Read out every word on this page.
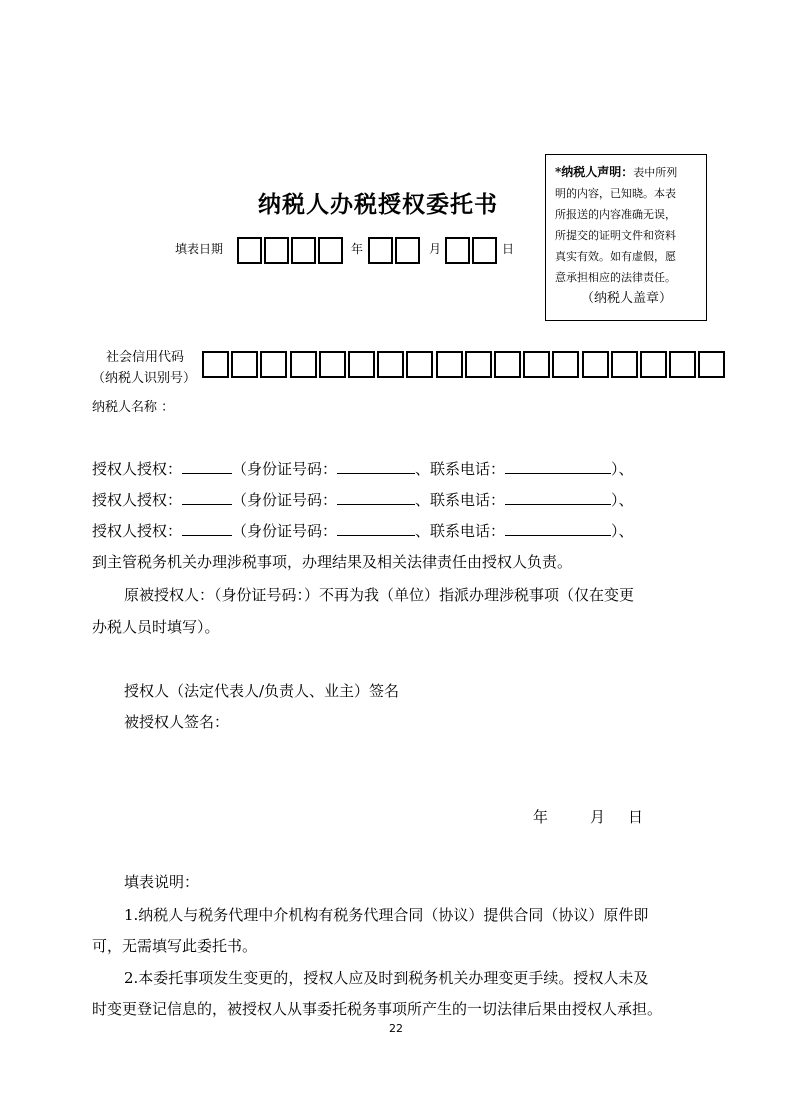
纳税人办税授权委托书
填表日期	年	月	日
*纳税人声明：表中所列
明的内容，已知晓。本表
所报送的内容准确无误，
所提交的证明文件和资料
真实有效。如有虚假，愿
意承担相应的法律责任。
（纳税人盖章）
社会信用代码
（纳税人识别号）
纳税人名称 ：
授权人授权：	（身份证号码：	、联系电话：	）、
授权人授权：	（身份证号码：	、联系电话：	）、
授权人授权：	（身份证号码：	、联系电话：	）、
到主管税务机关办理涉税事项，办理结果及相关法律责任由授权人负责。
原被授权人：（身份证号码：）不再为我（单位）指派办理涉税事项（仅在变更
办税人员时填写）。
授权人（法定代表人/负责人、业主）签名
被授权人签名：
年	月 日
填表说明：
1.纳税人与税务代理中介机构有税务代理合同（协议）提供合同（协议）原件即
可，无需填写此委托书。
2.本委托事项发生变更的，授权人应及时到税务机关办理变更手续。授权人未及
时变更登记信息的，被授权人从事委托税务事项所产生的一切法律后果由授权人承担。
22
